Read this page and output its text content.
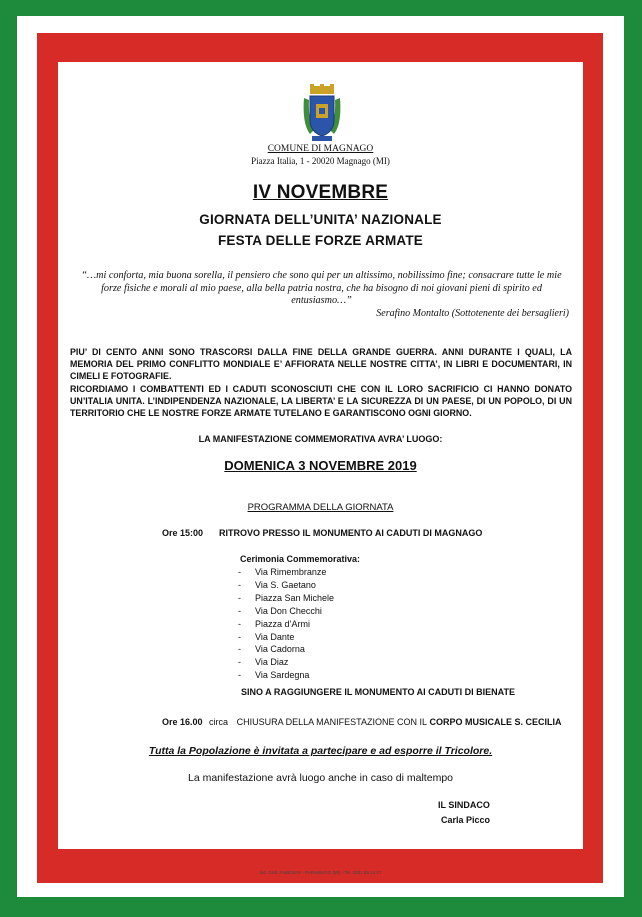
COMUNE DI MAGNAGO
Piazza Italia, 1 - 20020 Magnago (MI)
IV NOVEMBRE
GIORNATA DELL’UNITA’ NAZIONALE
FESTA DELLE FORZE ARMATE
“…mi conforta, mia buona sorella, il pensiero che sono qui per un altissimo, nobilissimo fine; consacrare tutte le mie forze fisiche e morali al mio paese, alla bella patria nostra, che ha bisogno di noi giovani pieni di spirito ed entusiasmo…”
Serafino Montalto (Sottotenente dei bersaglieri)

PIU’ DI CENTO ANNI SONO TRASCORSI DALLA FINE DELLA GRANDE GUERRA. ANNI DURANTE I QUALI, LA MEMORIA DEL PRIMO CONFLITTO MONDIALE E’ AFFIORATA NELLE NOSTRE CITTA’, IN LIBRI E DOCUMENTARI, IN CIMELI E FOTOGRAFIE.

RICORDIAMO I COMBATTENTI ED I CADUTI SCONOSCIUTI CHE CON IL LORO SACRIFICIO CI HANNO DONATO UN’ITALIA UNITA. L’INDIPENDENZA NAZIONALE, LA LIBERTA’ E LA SICUREZZA DI UN PAESE, DI UN POPOLO, DI UN TERRITORIO CHE LE NOSTRE FORZE ARMATE TUTELANO E GARANTISCONO OGNI GIORNO.

LA MANIFESTAZIONE COMMEMORATIVA AVRA’ LUOGO:
DOMENICA 3 NOVEMBRE 2019
PROGRAMMA DELLA GIORNATA
Ore 15:00 RITROVO PRESSO IL MONUMENTO AI CADUTI DI MAGNAGO
Cerimonia Commemorativa:
-	Via Rimembranze
-	Via S. Gaetano
-	Piazza San Michele
-	Via Don Checchi
-	Piazza d’Armi
-	Via Dante
-	Via Cadorna
-	Via Diaz
-	Via Sardegna
SINO A RAGGIUNGERE IL MONUMENTO AI CADUTI DI BIENATE
Ore 16.00 circa CHIUSURA DELLA MANIFESTAZIONE CON IL CORPO MUSICALE S. CECILIA
Tutta la Popolazione è invitata a partecipare e ad esporre il Tricolore.
La manifestazione avrà luogo anche in caso di maltempo
IL SINDACO
Carla Picco
Ind. Graf. FABIOLINI - PARABIAGO (MI) - Tel. 0331.55.14.17
